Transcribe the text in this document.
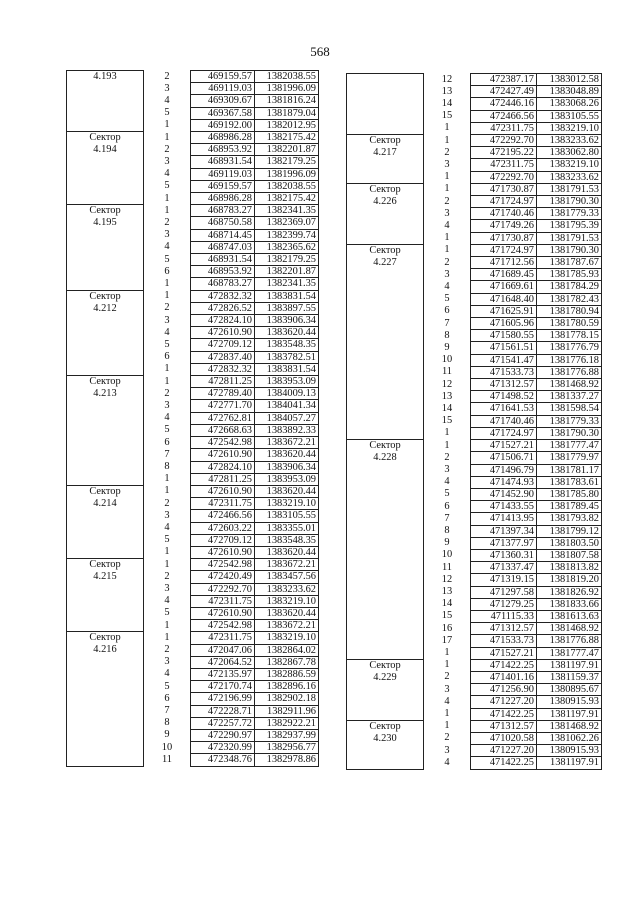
568
4.193	2	469159.57	1382038.55
	3	469119.03	1381996.09
	4	469309.67	1381816.24
	5	469367.58	1381879.04
	1	469192.00	1382012.95
Сектор
4.194	1	468986.28	1382175.42
	2	468953.92	1382201.87
	3	468931.54	1382179.25
	4	469119.03	1381996.09
	5	469159.57	1382038.55
	1	468986.28	1382175.42
Сектор
4.195	1	468783.27	1382341.35
	2	468750.58	1382369.07
	3	468714.45	1382399.74
	4	468747.03	1382365.62
	5	468931.54	1382179.25
	6	468953.92	1382201.87
	1	468783.27	1382341.35
Сектор
4.212	1	472832.32	1383831.54
	2	472826.52	1383897.55
	3	472824.10	1383906.34
	4	472610.90	1383620.44
	5	472709.12	1383548.35
	6	472837.40	1383782.51
	1	472832.32	1383831.54
Сектор
4.213	1	472811.25	1383953.09
	2	472789.40	1384009.13
	3	472771.70	1384041.34
	4	472762.81	1384057.27
	5	472668.63	1383892.33
	6	472542.98	1383672.21
	7	472610.90	1383620.44
	8	472824.10	1383906.34
	1	472811.25	1383953.09
Сектор
4.214	1	472610.90	1383620.44
	2	472311.75	1383219.10
	3	472466.56	1383105.55
	4	472603.22	1383355.01
	5	472709.12	1383548.35
	1	472610.90	1383620.44
Сектор
4.215	1	472542.98	1383672.21
	2	472420.49	1383457.56
	3	472292.70	1383233.62
	4	472311.75	1383219.10
	5	472610.90	1383620.44
	1	472542.98	1383672.21
Сектор
4.216	1	472311.75	1383219.10
	2	472047.06	1382864.02
	3	472064.52	1382867.78
	4	472135.97	1382886.59
	5	472170.74	1382896.16
	6	472196.99	1382902.18
	7	472228.71	1382911.96
	8	472257.72	1382922.21
	9	472290.97	1382937.99
	10	472320.99	1382956.77
	11	472348.76	1382978.86
	12	472387.17	1383012.58
	13	472427.49	1383048.89
	14	472446.16	1383068.26
	15	472466.56	1383105.55
	1	472311.75	1383219.10
Сектор
4.217	1	472292.70	1383233.62
	2	472195.22	1383062.80
	3	472311.75	1383219.10
	1	472292.70	1383233.62
Сектор
4.226	1	471730.87	1381791.53
	2	471724.97	1381790.30
	3	471740.46	1381779.33
	4	471749.26	1381795.39
	1	471730.87	1381791.53
Сектор
4.227	1	471724.97	1381790.30
	2	471712.56	1381787.67
	3	471689.45	1381785.93
	4	471669.61	1381784.29
	5	471648.40	1381782.43
	6	471625.91	1381780.94
	7	471605.96	1381780.59
	8	471580.55	1381778.15
	9	471561.51	1381776.79
	10	471541.47	1381776.18
	11	471533.73	1381776.88
	12	471312.57	1381468.92
	13	471498.52	1381337.27
	14	471641.53	1381598.54
	15	471740.46	1381779.33
	1	471724.97	1381790.30
Сектор
4.228	1	471527.21	1381777.47
	2	471506.71	1381779.97
	3	471496.79	1381781.17
	4	471474.93	1381783.61
	5	471452.90	1381785.80
	6	471433.55	1381789.45
	7	471413.95	1381793.82
	8	471397.34	1381799.12
	9	471377.97	1381803.50
	10	471360.31	1381807.58
	11	471337.47	1381813.82
	12	471319.15	1381819.20
	13	471297.58	1381826.92
	14	471279.25	1381833.66
	15	471115.33	1381613.63
	16	471312.57	1381468.92
	17	471533.73	1381776.88
	1	471527.21	1381777.47
Сектор
4.229	1	471422.25	1381197.91
	2	471401.16	1381159.37
	3	471256.90	1380895.67
	4	471227.20	1380915.93
	1	471422.25	1381197.91
Сектор
4.230	1	471312.57	1381468.92
	2	471020.58	1381062.26
	3	471227.20	1380915.93
	4	471422.25	1381197.91
